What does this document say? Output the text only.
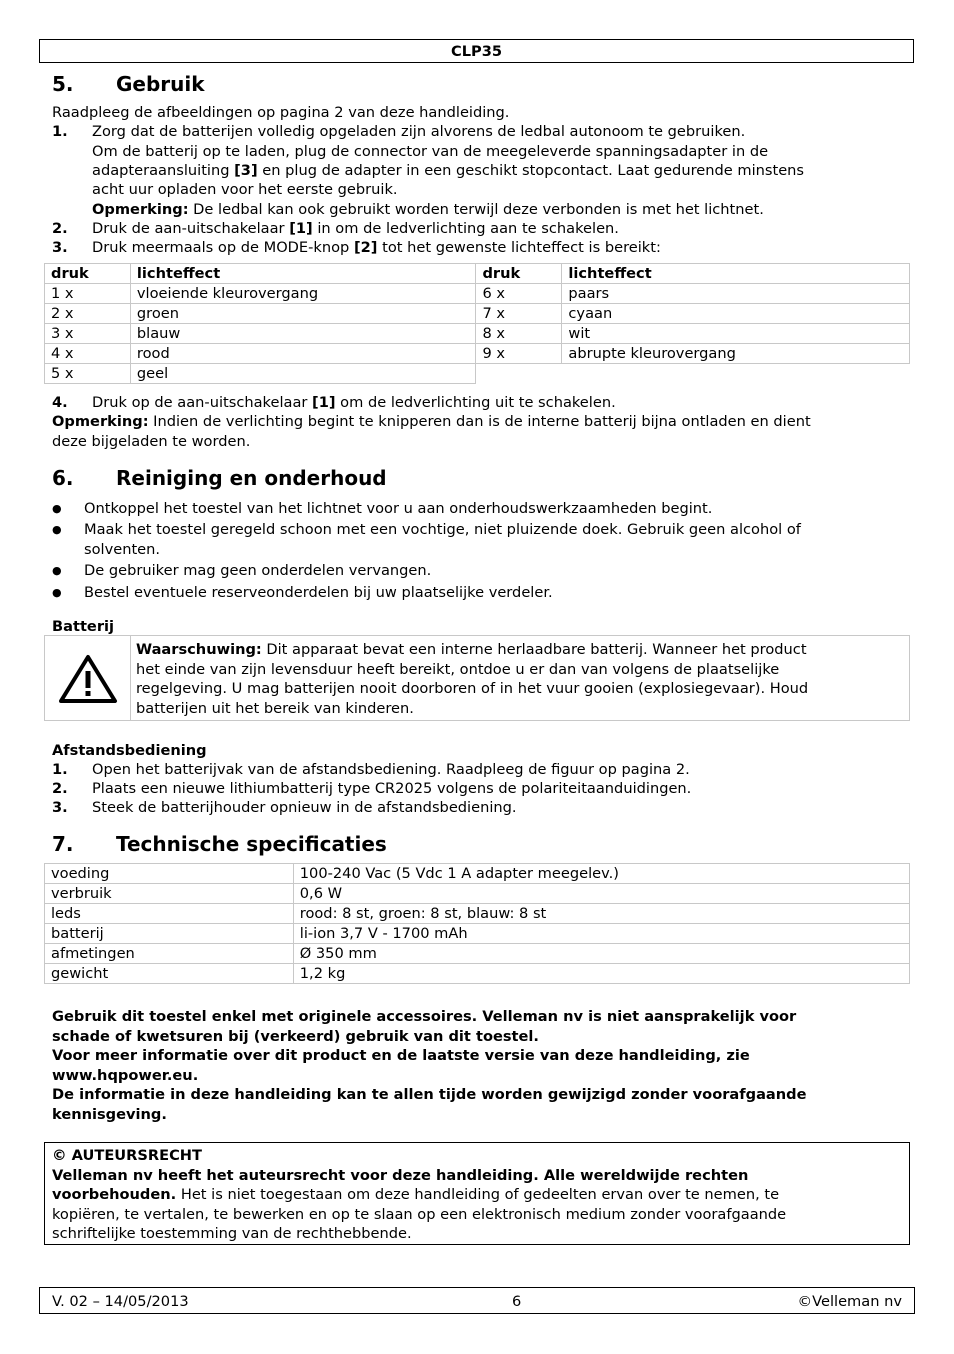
CLP35
5. Gebruik
Raadpleeg de afbeeldingen op pagina 2 van deze handleiding.
1. Zorg dat de batterijen volledig opgeladen zijn alvorens de ledbal autonoom te gebruiken.
Om de batterij op te laden, plug de connector van de meegeleverde spanningsadapter in de
adapteraansluiting [3] en plug de adapter in een geschikt stopcontact. Laat gedurende minstens
acht uur opladen voor het eerste gebruik.
Opmerking: De ledbal kan ook gebruikt worden terwijl deze verbonden is met het lichtnet.
2. Druk de aan-uitschakelaar [1] in om de ledverlichting aan te schakelen.
3. Druk meermaals op de MODE-knop [2] tot het gewenste lichteffect is bereikt:
druk	lichteffect	druk	lichteffect
1 x	vloeiende kleurovergang	6 x	paars
2 x	groen	7 x	cyaan
3 x	blauw	8 x	wit
4 x	rood	9 x	abrupte kleurovergang
5 x	geel		
4. Druk op de aan-uitschakelaar [1] om de ledverlichting uit te schakelen.
Opmerking: Indien de verlichting begint te knipperen dan is de interne batterij bijna ontladen en dient
deze bijgeladen te worden.
6. Reiniging en onderhoud
● Ontkoppel het toestel van het lichtnet voor u aan onderhoudswerkzaamheden begint.
● Maak het toestel geregeld schoon met een vochtige, niet pluizende doek. Gebruik geen alcohol of
solventen.
● De gebruiker mag geen onderdelen vervangen.
● Bestel eventuele reserveonderdelen bij uw plaatselijke verdeler.
Batterij
Waarschuwing: Dit apparaat bevat een interne herlaadbare batterij. Wanneer het product
het einde van zijn levensduur heeft bereikt, ontdoe u er dan van volgens de plaatselijke
regelgeving. U mag batterijen nooit doorboren of in het vuur gooien (explosiegevaar). Houd
batterijen uit het bereik van kinderen.
Afstandsbediening
1. Open het batterijvak van de afstandsbediening. Raadpleeg de figuur op pagina 2.
2. Plaats een nieuwe lithiumbatterij type CR2025 volgens de polariteitaanduidingen.
3. Steek de batterijhouder opnieuw in de afstandsbediening.
7. Technische specificaties
voeding	100-240 Vac (5 Vdc 1 A adapter meegelev.)
verbruik	0,6 W
leds	rood: 8 st, groen: 8 st, blauw: 8 st
batterij	li-ion 3,7 V - 1700 mAh
afmetingen	Ø 350 mm
gewicht	1,2 kg
Gebruik dit toestel enkel met originele accessoires. Velleman nv is niet aansprakelijk voor
schade of kwetsuren bij (verkeerd) gebruik van dit toestel.
Voor meer informatie over dit product en de laatste versie van deze handleiding, zie
www.hqpower.eu.
De informatie in deze handleiding kan te allen tijde worden gewijzigd zonder voorafgaande
kennisgeving.
© AUTEURSRECHT
Velleman nv heeft het auteursrecht voor deze handleiding. Alle wereldwijde rechten
voorbehouden. Het is niet toegestaan om deze handleiding of gedeelten ervan over te nemen, te
kopiëren, te vertalen, te bewerken en op te slaan op een elektronisch medium zonder voorafgaande
schriftelijke toestemming van de rechthebbende.
V. 02 – 14/05/2013	6	©Velleman nv
